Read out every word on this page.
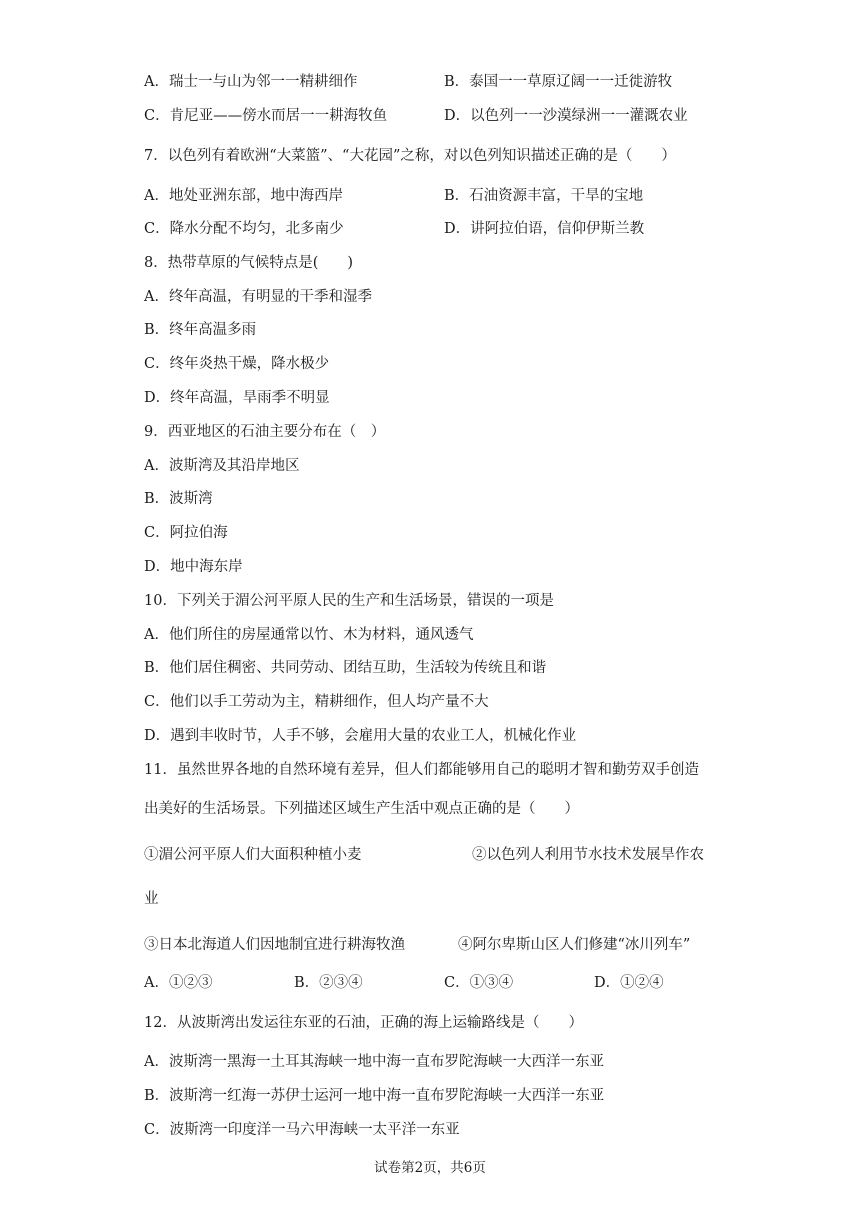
A．瑞士一与山为邻一一精耕细作	B．泰国一一草原辽阔一一迁徙游牧
C．肯尼亚——傍水而居一一耕海牧鱼	D．以色列一一沙漠绿洲一一灌溉农业
7．以色列有着欧洲“大菜篮”、“大花园”之称，对以色列知识描述正确的是（　　）
A．地处亚洲东部，地中海西岸	B．石油资源丰富，干旱的宝地
C．降水分配不均匀，北多南少	D．讲阿拉伯语，信仰伊斯兰教
8．热带草原的气候特点是(　　)
A．终年高温，有明显的干季和湿季
B．终年高温多雨
C．终年炎热干燥，降水极少
D．终年高温，旱雨季不明显
9．西亚地区的石油主要分布在（　）
A．波斯湾及其沿岸地区
B．波斯湾
C．阿拉伯海
D．地中海东岸
10．下列关于湄公河平原人民的生产和生活场景，错误的一项是
A．他们所住的房屋通常以竹、木为材料，通风透气
B．他们居住稠密、共同劳动、团结互助，生活较为传统且和谐
C．他们以手工劳动为主，精耕细作，但人均产量不大
D．遇到丰收时节，人手不够，会雇用大量的农业工人，机械化作业
11．虽然世界各地的自然环境有差异，但人们都能够用自己的聪明才智和勤劳双手创造
出美好的生活场景。下列描述区域生产生活中观点正确的是（　　）
①湄公河平原人们大面积种植小麦	②以色列人利用节水技术发展旱作农
业
③日本北海道人们因地制宜进行耕海牧渔	④阿尔卑斯山区人们修建“冰川列车”
A．①②③	B．②③④	C．①③④	D．①②④
12．从波斯湾出发运往东亚的石油，正确的海上运输路线是（　　）
A．波斯湾一黑海一土耳其海峡一地中海一直布罗陀海峡一大西洋一东亚
B．波斯湾一红海一苏伊士运河一地中海一直布罗陀海峡一大西洋一东亚
C．波斯湾一印度洋一马六甲海峡一太平洋一东亚
试卷第2页，共6页
